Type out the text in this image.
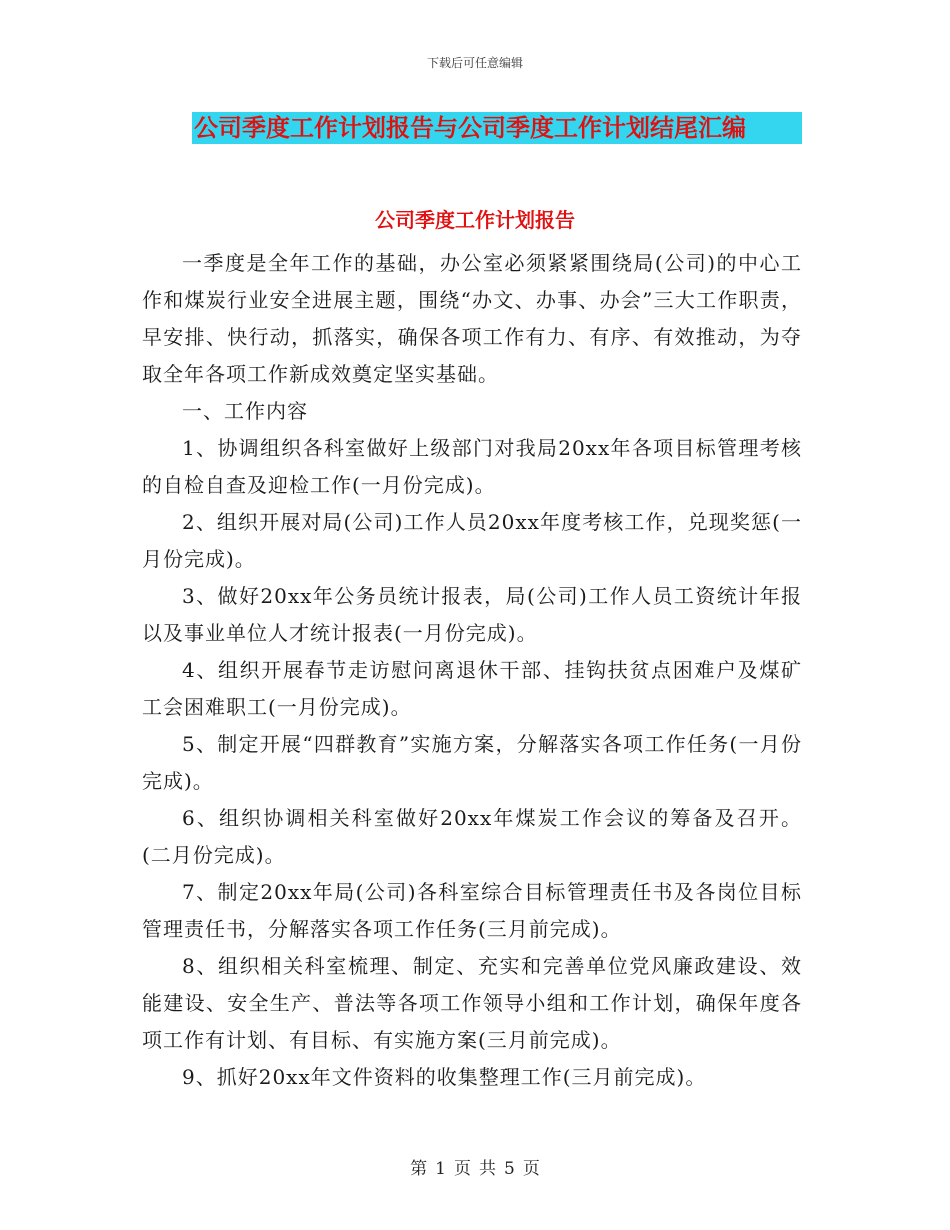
下载后可任意编辑
公司季度工作计划报告与公司季度工作计划结尾汇编
公司季度工作计划报告

一季度是全年工作的基础，办公室必须紧紧围绕局(公司)的中心工作和煤炭行业安全进展主题，围绕“办文、办事、办会”三大工作职责，早安排、快行动，抓落实，确保各项工作有力、有序、有效推动，为夺取全年各项工作新成效奠定坚实基础。

一、工作内容

1、协调组织各科室做好上级部门对我局20xx年各项目标管理考核的自检自查及迎检工作(一月份完成)。

2、组织开展对局(公司)工作人员20xx年度考核工作，兑现奖惩(一月份完成)。

3、做好20xx年公务员统计报表，局(公司)工作人员工资统计年报以及事业单位人才统计报表(一月份完成)。

4、组织开展春节走访慰问离退休干部、挂钩扶贫点困难户及煤矿工会困难职工(一月份完成)。

5、制定开展“四群教育”实施方案，分解落实各项工作任务(一月份完成)。

6、组织协调相关科室做好20xx年煤炭工作会议的筹备及召开。(二月份完成)。

7、制定20xx年局(公司)各科室综合目标管理责任书及各岗位目标管理责任书，分解落实各项工作任务(三月前完成)。

8、组织相关科室梳理、制定、充实和完善单位党风廉政建设、效能建设、安全生产、普法等各项工作领导小组和工作计划，确保年度各项工作有计划、有目标、有实施方案(三月前完成)。

9、抓好20xx年文件资料的收集整理工作(三月前完成)。

第 1 页 共 5 页
